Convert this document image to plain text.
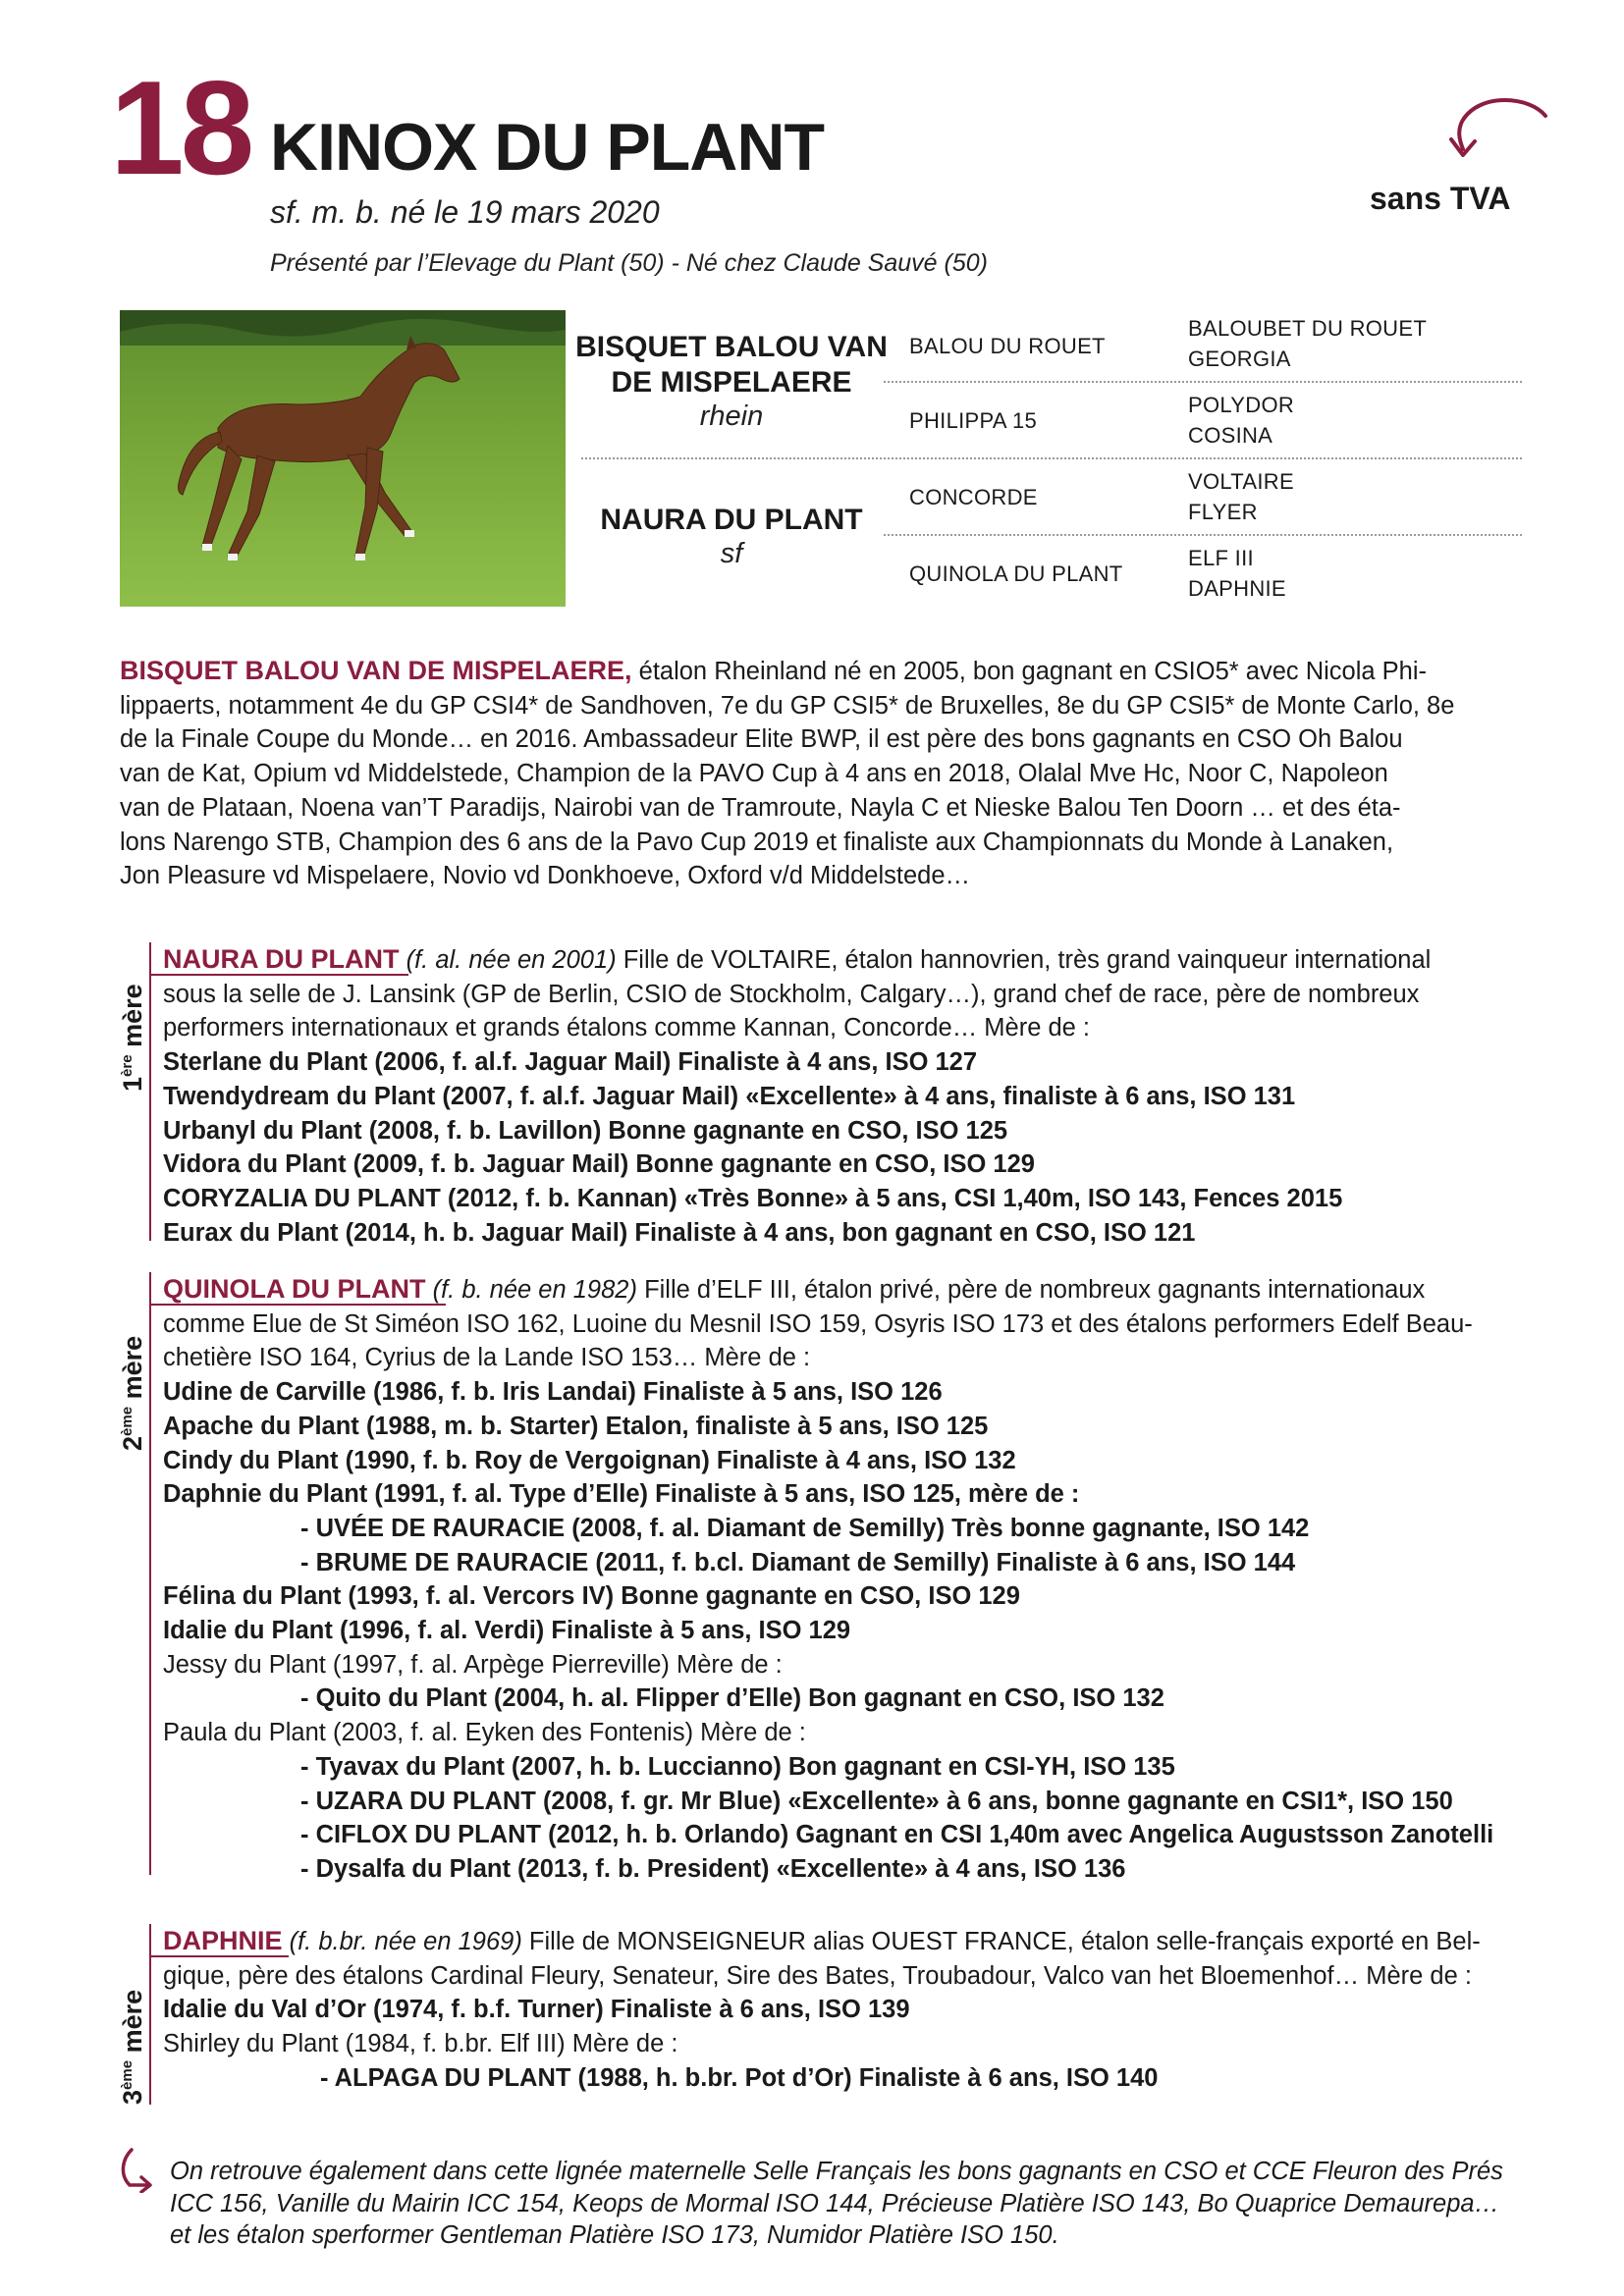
18 KINOX DU PLANT
sf. m. b. né le 19 mars 2020
Présenté par l’Elevage du Plant (50) - Né chez Claude Sauvé (50)
sans TVA
BISQUET BALOU VAN
DE MISPELAERE
rhein
NAURA DU PLANT
sf
BALOU DU ROUET
PHILIPPA 15
CONCORDE
QUINOLA DU PLANT
BALOUBET DU ROUET
GEORGIA
POLYDOR
COSINA
VOLTAIRE
FLYER
ELF III
DAPHNIE
BISQUET BALOU VAN DE MISPELAERE, étalon Rheinland né en 2005, bon gagnant en CSIO5* avec Nicola Phi-
lippaerts, notamment 4e du GP CSI4* de Sandhoven, 7e du GP CSI5* de Bruxelles, 8e du GP CSI5* de Monte Carlo, 8e
de la Finale Coupe du Monde… en 2016. Ambassadeur Elite BWP, il est père des bons gagnants en CSO Oh Balou
van de Kat, Opium vd Middelstede, Champion de la PAVO Cup à 4 ans en 2018, Olalal Mve Hc, Noor C, Napoleon
van de Plataan, Noena van’T Paradijs, Nairobi van de Tramroute, Nayla C et Nieske Balou Ten Doorn … et des éta-
lons Narengo STB, Champion des 6 ans de la Pavo Cup 2019 et finaliste aux Championnats du Monde à Lanaken,
Jon Pleasure vd Mispelaere, Novio vd Donkhoeve, Oxford v/d Middelstede…
1ère mère
NAURA DU PLANT (f. al. née en 2001) Fille de VOLTAIRE, étalon hannovrien, très grand vainqueur international
sous la selle de J. Lansink (GP de Berlin, CSIO de Stockholm, Calgary…), grand chef de race, père de nombreux
performers internationaux et grands étalons comme Kannan, Concorde… Mère de :
Sterlane du Plant (2006, f. al.f. Jaguar Mail) Finaliste à 4 ans, ISO 127
Twendydream du Plant (2007, f. al.f. Jaguar Mail) «Excellente» à 4 ans, finaliste à 6 ans, ISO 131
Urbanyl du Plant (2008, f. b. Lavillon) Bonne gagnante en CSO, ISO 125
Vidora du Plant (2009, f. b. Jaguar Mail) Bonne gagnante en CSO, ISO 129
CORYZALIA DU PLANT (2012, f. b. Kannan) «Très Bonne» à 5 ans, CSI 1,40m, ISO 143, Fences 2015
Eurax du Plant (2014, h. b. Jaguar Mail) Finaliste à 4 ans, bon gagnant en CSO, ISO 121
2ème mère
QUINOLA DU PLANT (f. b. née en 1982) Fille d’ELF III, étalon privé, père de nombreux gagnants internationaux
comme Elue de St Siméon ISO 162, Luoine du Mesnil ISO 159, Osyris ISO 173 et des étalons performers Edelf Beau-
chetière ISO 164, Cyrius de la Lande ISO 153… Mère de :
Udine de Carville (1986, f. b. Iris Landai) Finaliste à 5 ans, ISO 126
Apache du Plant (1988, m. b. Starter) Etalon, finaliste à 5 ans, ISO 125
Cindy du Plant (1990, f. b. Roy de Vergoignan) Finaliste à 4 ans, ISO 132
Daphnie du Plant (1991, f. al. Type d’Elle) Finaliste à 5 ans, ISO 125, mère de :
- UVÉE DE RAURACIE (2008, f. al. Diamant de Semilly) Très bonne gagnante, ISO 142
- BRUME DE RAURACIE (2011, f. b.cl. Diamant de Semilly) Finaliste à 6 ans, ISO 144
Félina du Plant (1993, f. al. Vercors IV) Bonne gagnante en CSO, ISO 129
Idalie du Plant (1996, f. al. Verdi) Finaliste à 5 ans, ISO 129
Jessy du Plant (1997, f. al. Arpège Pierreville) Mère de :
- Quito du Plant (2004, h. al. Flipper d’Elle) Bon gagnant en CSO, ISO 132
Paula du Plant (2003, f. al. Eyken des Fontenis) Mère de :
- Tyavax du Plant (2007, h. b. Luccianno) Bon gagnant en CSI-YH, ISO 135
- UZARA DU PLANT (2008, f. gr. Mr Blue) «Excellente» à 6 ans, bonne gagnante en CSI1*, ISO 150
- CIFLOX DU PLANT (2012, h. b. Orlando) Gagnant en CSI 1,40m avec Angelica Augustsson Zanotelli
- Dysalfa du Plant (2013, f. b. President) «Excellente» à 4 ans, ISO 136
3ème mère
DAPHNIE (f. b.br. née en 1969) Fille de MONSEIGNEUR alias OUEST FRANCE, étalon selle-français exporté en Bel-
gique, père des étalons Cardinal Fleury, Senateur, Sire des Bates, Troubadour, Valco van het Bloemenhof… Mère de :
Idalie du Val d’Or (1974, f. b.f. Turner) Finaliste à 6 ans, ISO 139
Shirley du Plant (1984, f. b.br. Elf III) Mère de :
- ALPAGA DU PLANT (1988, h. b.br. Pot d’Or) Finaliste à 6 ans, ISO 140
On retrouve également dans cette lignée maternelle Selle Français les bons gagnants en CSO et CCE Fleuron des Prés ICC 156, Vanille du Mairin ICC 154, Keops de Mormal ISO 144, Précieuse Platière ISO 143, Bo Quaprice Demaurepa… et les étalon sperformer Gentleman Platière ISO 173, Numidor Platière ISO 150.
